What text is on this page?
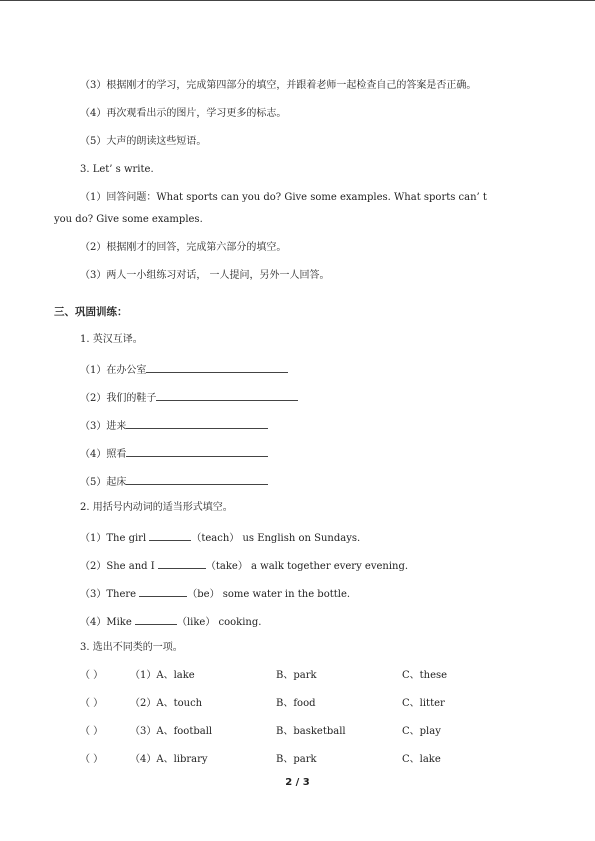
（3）根据刚才的学习，完成第四部分的填空，并跟着老师一起检查自己的答案是否正确。
（4）再次观看出示的图片，学习更多的标志。
（5）大声的朗读这些短语。
3. Let’ s write.
（1）回答问题：What sports can you do? Give some examples. What sports can’ t
you do? Give some examples.
（2）根据刚才的回答，完成第六部分的填空。
（3）两人一小组练习对话， 一人提问，另外一人回答。
三、巩固训练：
1. 英汉互译。
（1）在办公室
（2）我们的鞋子
（3）进来
（4）照看
（5）起床
2. 用括号内动词的适当形式填空。
（1）The girl	（teach） us English on Sundays.
（2）She and I	（take） a walk together every evening.
（3）There	（be） some water in the bottle.
（4）Mike	（like） cooking.
3. 选出不同类的一项。
（ ）	（1）A、lake	B、park	C、these
（ ）	（2）A、touch	B、food	C、litter
（ ）	（3）A、football	B、basketball	C、play
（ ）	（4）A、library	B、park	C、lake
2 / 3
